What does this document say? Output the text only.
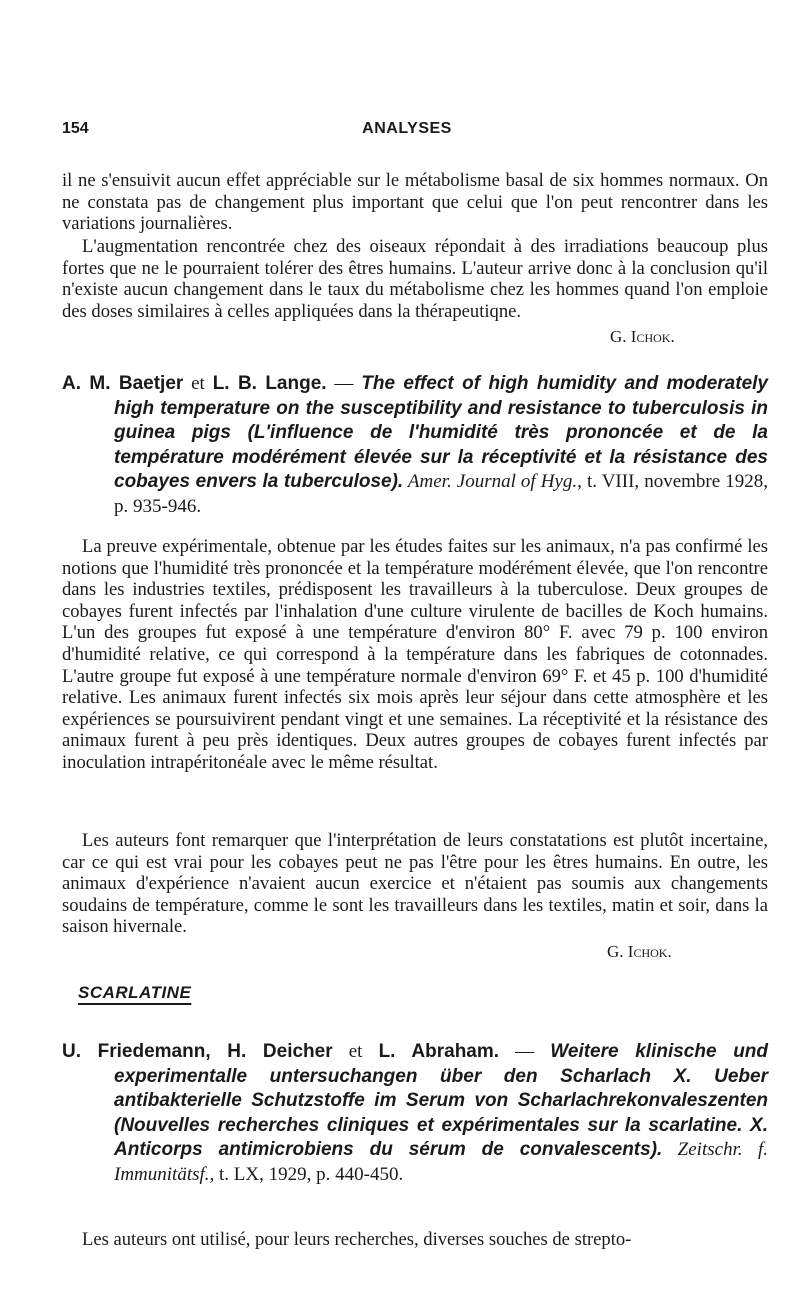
154	ANALYSES

il ne s'ensuivit aucun effet appréciable sur le métabolisme basal de six hommes normaux. On ne constata pas de changement plus important que celui que l'on peut rencontrer dans les variations journalières.

L'augmentation rencontrée chez des oiseaux répondait à des irradiations beaucoup plus fortes que ne le pourraient tolérer des êtres humains. L'auteur arrive donc à la conclusion qu'il n'existe aucun changement dans le taux du métabolisme chez les hommes quand l'on emploie des doses similaires à celles appliquées dans la thérapeutiqne.

G. Ichok.
A. M. Baetjer et L. B. Lange. — The effect of high humidity and moderately high temperature on the susceptibility and resistance to tuberculosis in guinea pigs (L'influence de l'humidité très prononcée et de la température modérément élevée sur la réceptivité et la résistance des cobayes envers la tuberculose). Amer. Journal of Hyg., t. VIII, novembre 1928, p. 935-946.

La preuve expérimentale, obtenue par les études faites sur les animaux, n'a pas confirmé les notions que l'humidité très prononcée et la température modérément élevée, que l'on rencontre dans les industries textiles, prédisposent les travailleurs à la tuberculose. Deux groupes de cobayes furent infectés par l'inhalation d'une culture virulente de bacilles de Koch humains. L'un des groupes fut exposé à une température d'environ 80° F. avec 79 p. 100 environ d'humidité relative, ce qui correspond à la température dans les fabriques de cotonnades. L'autre groupe fut exposé à une température normale d'environ 69° F. et 45 p. 100 d'humidité relative. Les animaux furent infectés six mois après leur séjour dans cette atmosphère et les expériences se poursuivirent pendant vingt et une semaines. La réceptivité et la résistance des animaux furent à peu près identiques. Deux autres groupes de cobayes furent infectés par inoculation intrapéritonéale avec le même résultat.

Les auteurs font remarquer que l'interprétation de leurs constatations est plutôt incertaine, car ce qui est vrai pour les cobayes peut ne pas l'être pour les êtres humains. En outre, les animaux d'expérience n'avaient aucun exercice et n'étaient pas soumis aux changements soudains de température, comme le sont les travailleurs dans les textiles, matin et soir, dans la saison hivernale.

G. Ichok.
SCARLATINE
U. Friedemann, H. Deicher et L. Abraham. — Weitere klinische und experimentalle untersuchangen über den Scharlach X. Ueber antibakterielle Schutzstoffe im Serum von Scharlachrekonvaleszenten (Nouvelles recherches cliniques et expérimentales sur la scarlatine. X. Anticorps antimicrobiens du sérum de convalescents). Zeitschr. f. Immunitätsf., t. LX, 1929, p. 440-450.

Les auteurs ont utilisé, pour leurs recherches, diverses souches de strepto-
